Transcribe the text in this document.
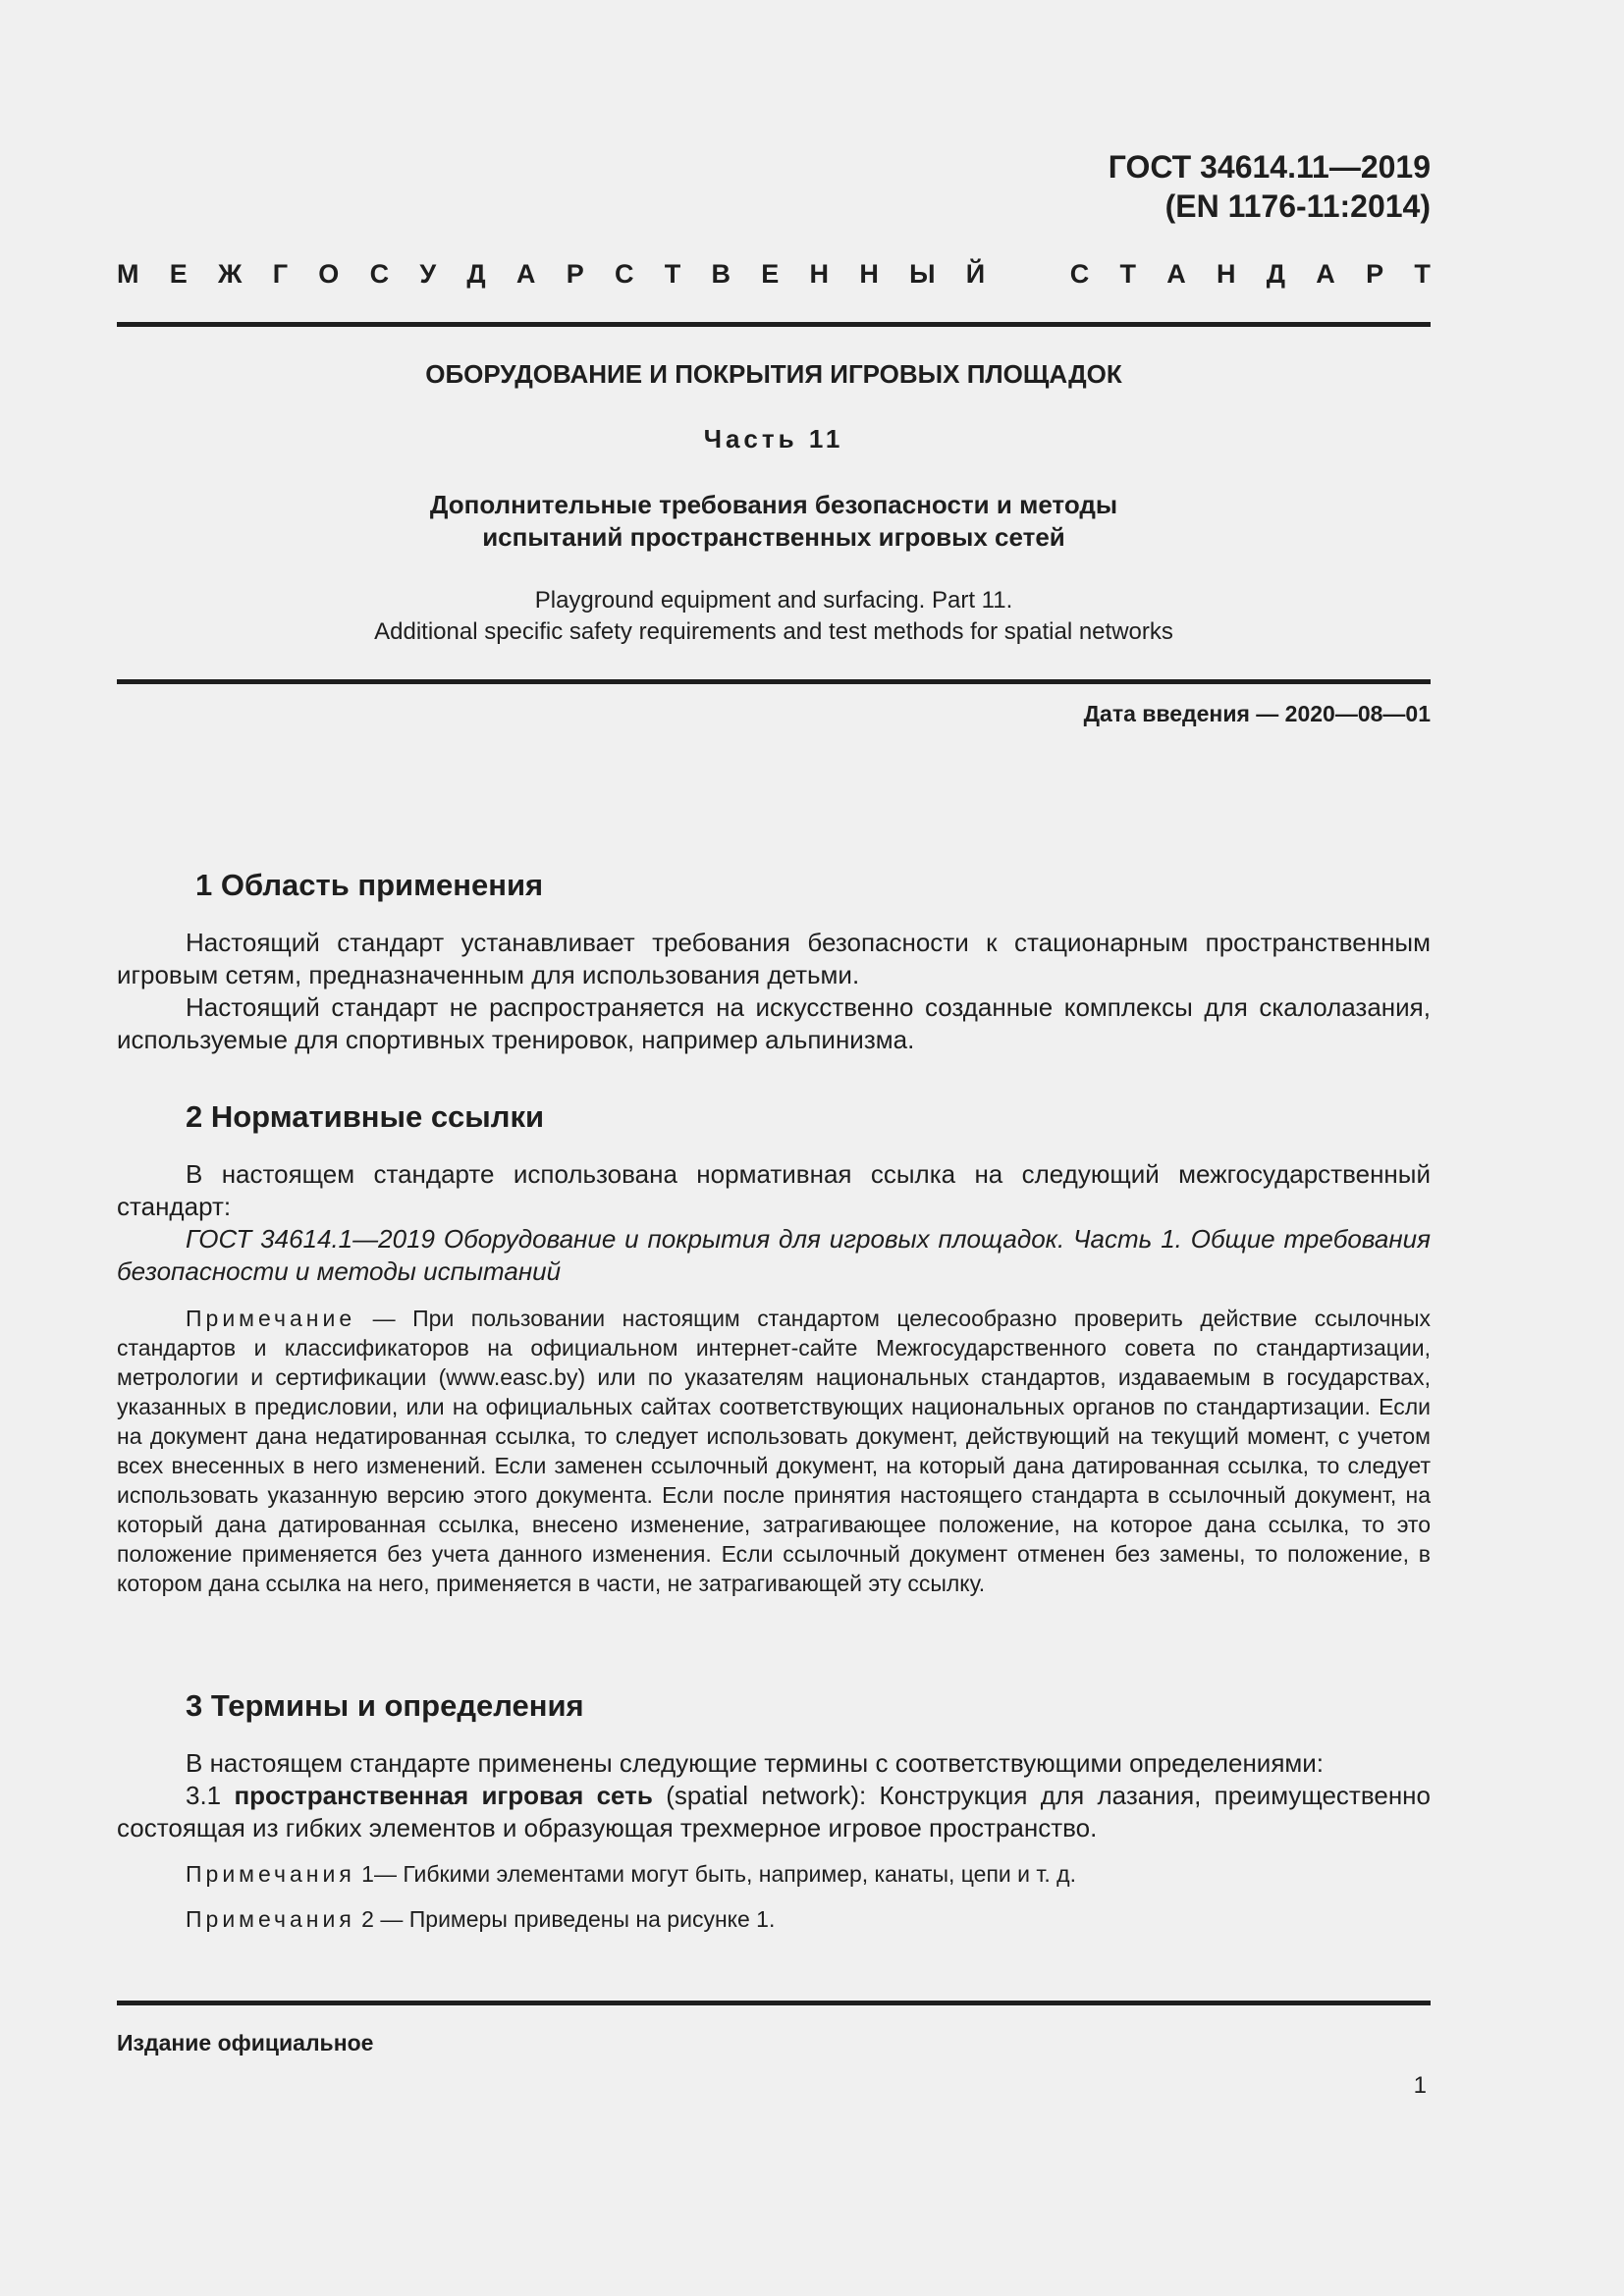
ГОСТ 34614.11—2019
(EN 1176-11:2014)
М Е Ж Г О С У Д А Р С Т В Е Н Н Ы Й	С Т А Н Д А Р Т
ОБОРУДОВАНИЕ И ПОКРЫТИЯ ИГРОВЫХ ПЛОЩАДОК
Часть 11
Дополнительные требования безопасности и методы
испытаний пространственных игровых сетей
Playground equipment and surfacing. Part 11.
Additional specific safety requirements and test methods for spatial networks
Дата введения — 2020—08—01
1 Область применения
Настоящий стандарт устанавливает требования безопасности к стационарным пространственным игровым сетям, предназначенным для использования детьми.
Настоящий стандарт не распространяется на искусственно созданные комплексы для скалолазания, используемые для спортивных тренировок, например альпинизма.
2 Нормативные ссылки
В настоящем стандарте использована нормативная ссылка на следующий межгосударственный стандарт:
ГОСТ 34614.1—2019 Оборудование и покрытия для игровых площадок. Часть 1. Общие требования безопасности и методы испытаний
Примечание — При пользовании настоящим стандартом целесообразно проверить действие ссылочных стандартов и классификаторов на официальном интернет-сайте Межгосударственного совета по стандартизации, метрологии и сертификации (www.easc.by) или по указателям национальных стандартов, издаваемым в государствах, указанных в предисловии, или на официальных сайтах соответствующих национальных органов по стандартизации. Если на документ дана недатированная ссылка, то следует использовать документ, действующий на текущий момент, с учетом всех внесенных в него изменений. Если заменен ссылочный документ, на который дана датированная ссылка, то следует использовать указанную версию этого документа. Если после принятия настоящего стандарта в ссылочный документ, на который дана датированная ссылка, внесено изменение, затрагивающее положение, на которое дана ссылка, то это положение применяется без учета данного изменения. Если ссылочный документ отменен без замены, то положение, в котором дана ссылка на него, применяется в части, не затрагивающей эту ссылку.
3 Термины и определения
В настоящем стандарте применены следующие термины с соответствующими определениями:
3.1 пространственная игровая сеть (spatial network): Конструкция для лазания, преимущественно состоящая из гибких элементов и образующая трехмерное игровое пространство.
Примечания 1— Гибкими элементами могут быть, например, канаты, цепи и т. д.
Примечания 2 — Примеры приведены на рисунке 1.
Издание официальное
1
